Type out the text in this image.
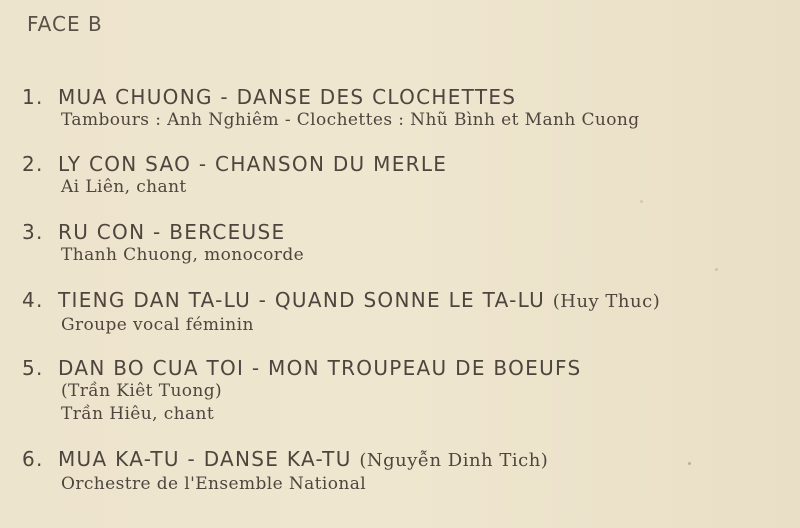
FACE B
1. MUA CHUONG - DANSE DES CLOCHETTES
Tambours : Anh Nghiêm - Clochettes : Nhũ Bình et Manh Cuong
2. LY CON SAO - CHANSON DU MERLE
Ai Liên, chant
3. RU CON - BERCEUSE
Thanh Chuong, monocorde
4. TIENG DAN TA-LU - QUAND SONNE LE TA-LU (Huy Thuc)
Groupe vocal féminin
5. DAN BO CUA TOI - MON TROUPEAU DE BOEUFS
(Trần Kiêt Tuong)
Trần Hiêu, chant
6. MUA KA-TU - DANSE KA-TU (Nguyễn Dinh Tich)
Orchestre de l'Ensemble National
